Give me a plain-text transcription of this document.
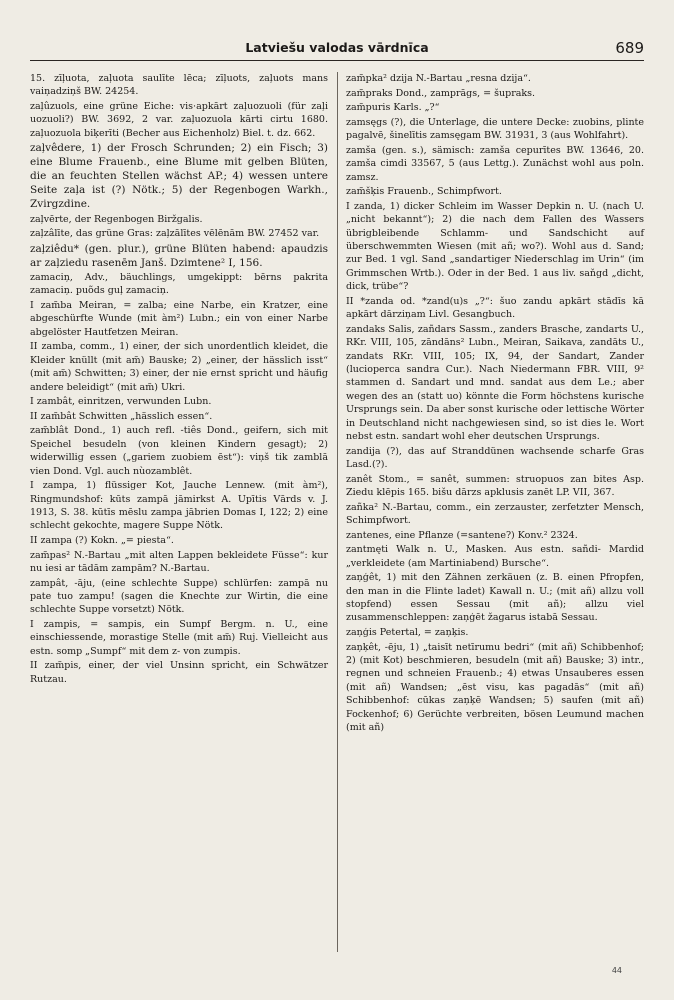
Latviešu valodas vārdnīca	689

15. zīļuota, zaļuota saulīte lēca; zīļuots, zaļuots mans vaiņadziņš BW. 24254.

zaļûzuols, eine grüne Eiche: vis·apkārt zaļuozuoli (für zaļi uozuoli?) BW. 3692, 2 var. zaļuozuola kārti cirtu 1680. zaļuozuola biķerīti (Becher aus Eichenholz) Biel. t. dz. 662.

zaļvêdere, 1) der Frosch Schrunden; 2) ein Fisch; 3) eine Blume Frauenb., eine Blume mit gelben Blüten, die an feuchten Stellen wächst AP.; 4) wessen untere Seite zaļa ist (?) Nötk.; 5) der Regenbogen Warkh., Zvirgzdine.

zaļvērte, der Regenbogen Biržgalis.

zaļzâlīte, das grüne Gras: zaļzālītes vēlēnām BW. 27452 var.

zaļziêdu* (gen. plur.), grüne Blüten habend: apaudzis ar zaļziedu rasenēm Janš. Dzimtene² I, 156.

zamaciņ, Adv., bäuchlings, umgekippt: bērns pakrita zamaciņ. puõds guļ zamaciņ.

I zam̃ba Meiran, = zalba; eine Narbe, ein Kratzer, eine abgeschürfte Wunde (mit àm²) Lubn.; ein von einer Narbe abgelöster Hautfetzen Meiran.

II zamba, comm., 1) einer, der sich unordentlich kleidet, die Kleider knüllt (mit am̃) Bauske; 2) „einer, der hässlich isst“ (mit am̃) Schwitten; 3) einer, der nie ernst spricht und häufig andere beleidigt“ (mit am̃) Ukri.

I zambât, einritzen, verwunden Lubn.

II zam̃bât Schwitten „hässlich essen“.

zam̃blât Dond., 1) auch refl. -tiês Dond., geifern, sich mit Speichel besudeln (von kleinen Kindern gesagt); 2) widerwillig essen („gariem zuobiem ēst“): viņš tik zamblā vien Dond. Vgl. auch nùozamblêt.

I zampa, 1) flüssiger Kot, Jauche Lennew. (mit àm²), Ringmundshof: kūts zampā jāmirkst A. Upītis Vārds v. J. 1913, S. 38. kūtīs mēslu zampa jābrien Domas I, 122; 2) eine schlecht gekochte, magere Suppe Nötk.

II zampa (?) Kokn. „= piesta“.

zam̃pas² N.-Bartau „mit alten Lappen bekleidete Füsse“: kur nu iesi ar tādām zampām? N.-Bartau.

zampât, -āju, (eine schlechte Suppe) schlürfen: zampā nu pate tuo zampu! (sagen die Knechte zur Wirtin, die eine schlechte Suppe vorsetzt) Nötk.

I zampis, = sampis, ein Sumpf Bergm. n. U., eine einschiessende, morastige Stelle (mit am̃) Ruj. Vielleicht aus estn. somp „Sumpf“ mit dem z- von zumpis.

II zam̃pis, einer, der viel Unsinn spricht, ein Schwätzer Rutzau.

zam̃pka² dzija N.-Bartau „rеsna dzija“.

zam̃praks Dond., zamprāgs, = šupraks.

zam̃puris Karls. „?“

zamsęgs (?), die Unterlage, die untere Decke: zuobins, plinte pagalvē, šinelītis zamsęgam BW. 31931, 3 (aus Wohlfahrt).

zamša (gen. s.), sämisch: zamša cepurītes BW. 13646, 20. zamša cimdi 33567, 5 (aus Lettg.). Zunächst wohl aus poln. zamsz.

zam̃šķis Frauenb., Schimpfwort.

I zanda, 1) dicker Schleim im Wasser Depkin n. U. (nach U. „nicht bekannt“); 2) die nach dem Fallen des Wassers übrigbleibende Schlamm- und Sandschicht auf überschwemmten Wiesen (mit añ; wo?). Wohl aus d. Sand; zur Bed. 1 vgl. Sand „sandartiger Niederschlag im Urin“ (im Grimmschen Wrtb.). Oder in der Bed. 1 aus liv. saňgd „dicht, dick, trübe“?

II *zanda od. *zand(u)s „?“: šuo zandu apkārt stādīs kā apkārt dārziņam Livl. Gesangbuch.

zandaks Salis, zañdars Sassm., zanders Brasche, zandarts U., RKr. VIII, 105, zāndāns² Lubn., Meiran, Saikava, zandāts U., zandats RKr. VIII, 105; IX, 94, der Sandart, Zander (lucioperca sandra Cur.). Nach Niedermann FBR. VIII, 9² stammen d. Sandart und mnd. sandat aus dem Le.; aber wegen des an (statt uo) könnte die Form höchstens kurische Ursprungs sein. Da aber sonst kurische oder lettische Wörter in Deutschland nicht nachgewiesen sind, so ist dies le. Wort nebst estn. sandart wohl eher deutschen Ursprungs.

zandija (?), das auf Stranddünen wachsende scharfe Gras Lasd.(?).

zanêt Stom., = sanêt, summen: struopuos zan bites Asp. Ziedu klēpis 165. bišu dārzs apklusis zanēt LP. VII, 367.

zañka² N.-Bartau, comm., ein zerzauster, zerfetzter Mensch, Schimpfwort.

zantenes, eine Pflanze (=santene?) Konv.² 2324.

zantmęti Walk n. U., Masken. Aus estn. sañdi- Mardid „verkleidete (am Martiniabend) Bursche“.

zaņģêt, 1) mit den Zähnen zerkäuen (z. B. einen Pfropfen, den man in die Flinte ladet) Kawall n. U.; (mit añ) allzu voll stopfend) essen Sessau (mit añ); allzu viel zusammenschleppen: zaņģēt žagarus istabā Sessau.

zaņģis Petertal, = zaņķis.

zaņķêt, -ēju, 1) „taisīt netīrumu bedri“ (mit añ) Schibbenhof; 2) (mit Kot) beschmieren, besudeln (mit añ) Bauske; 3) intr., regnen und schneien Frauenb.; 4) etwas Unsauberes essen (mit añ) Wandsen; „ēst visu, kas pagadās“ (mit añ) Schibbenhof: cūkas zaņķē Wandsen; 5) saufen (mit añ) Fockenhof; 6) Gerüchte verbreiten, bösen Leumund machen (mit añ)

44
